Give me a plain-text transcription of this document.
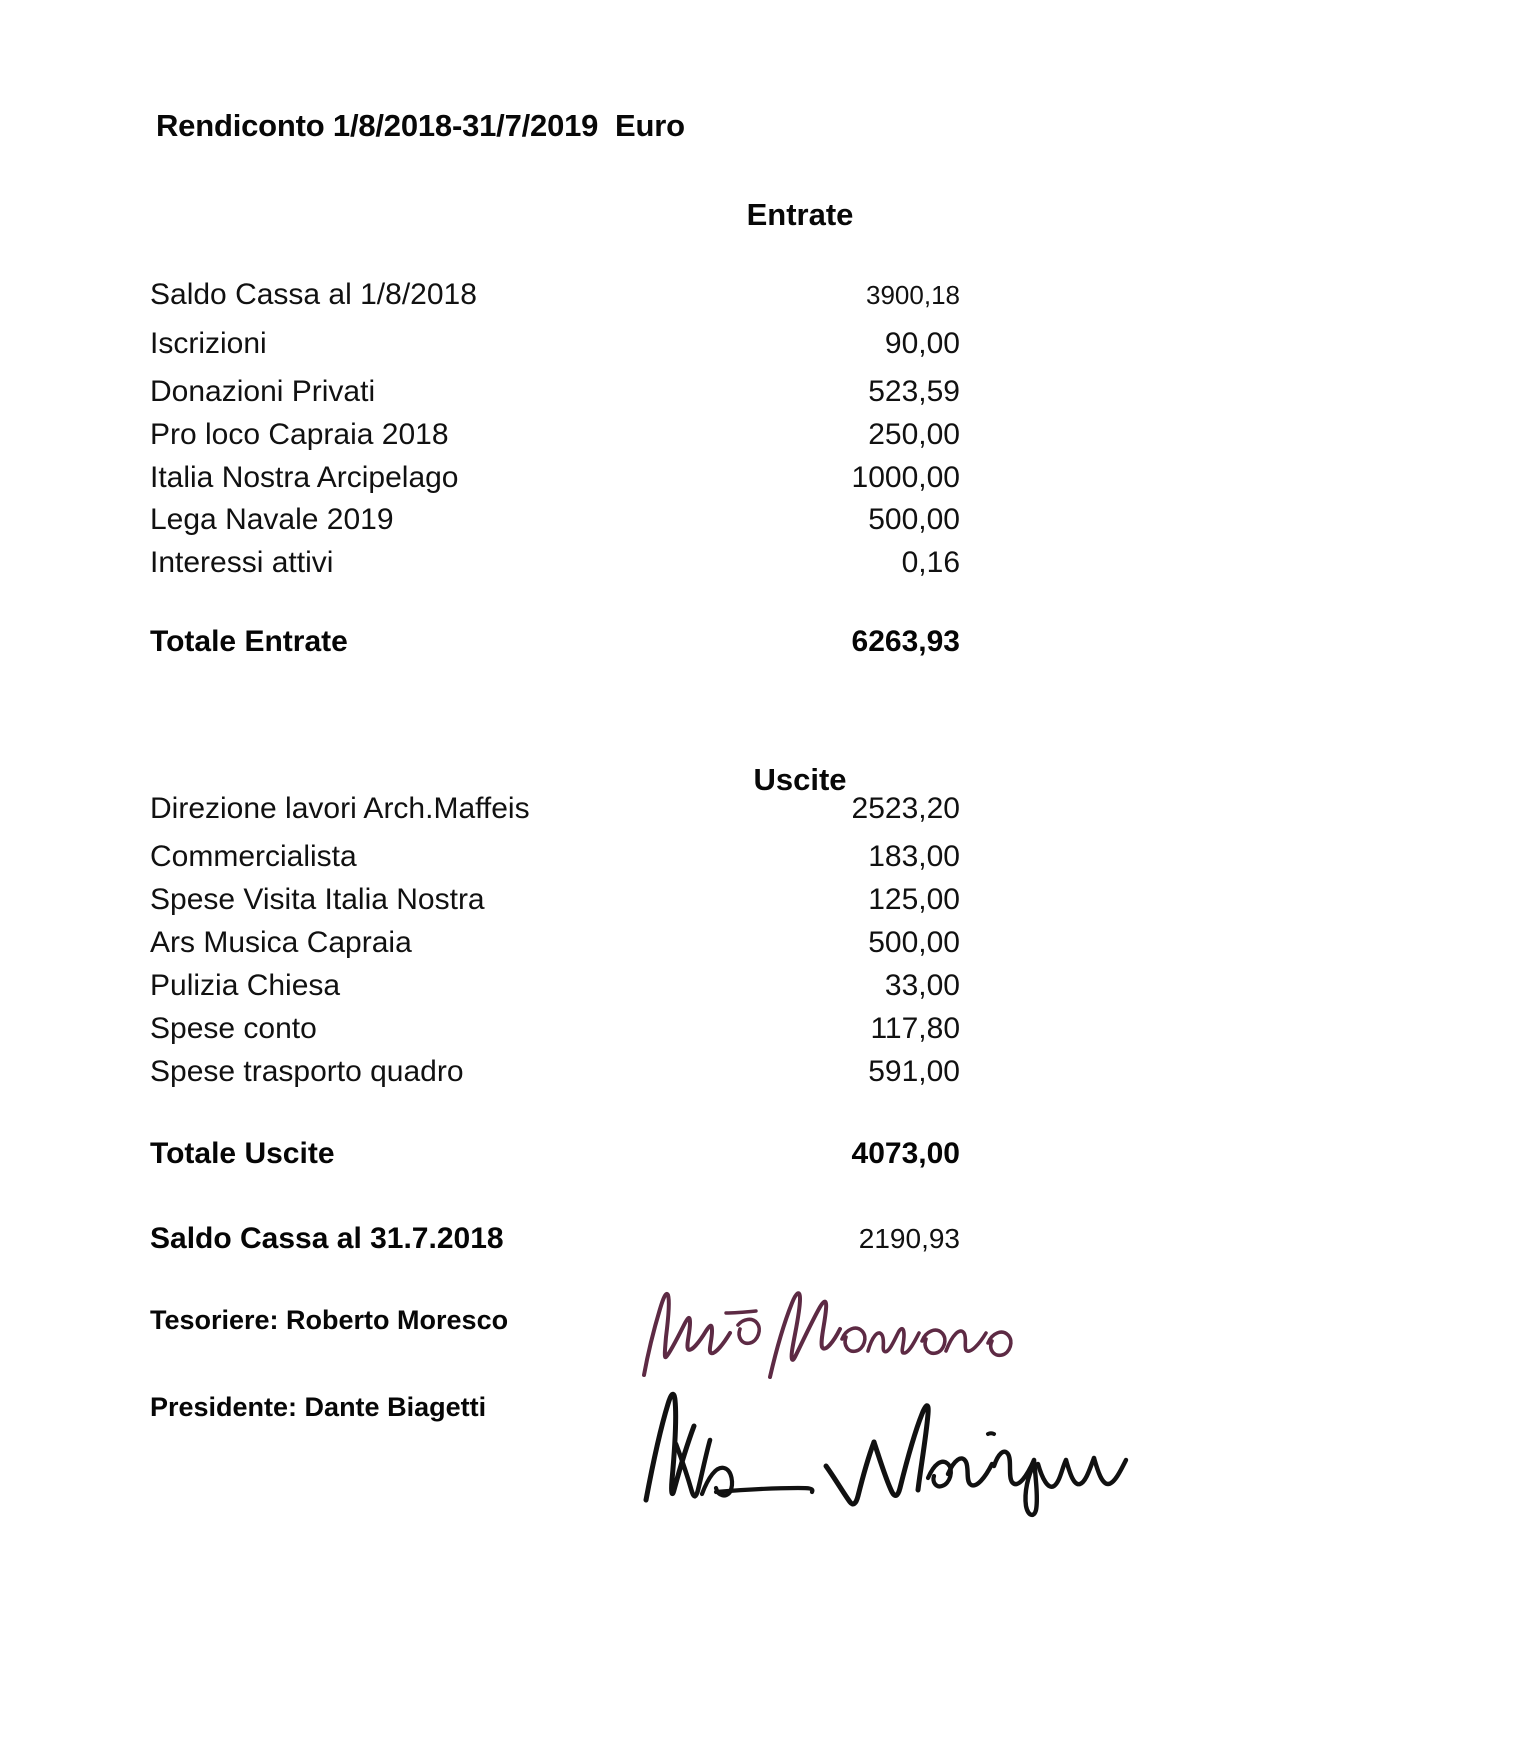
Rendiconto 1/8/2018-31/7/2019  Euro
Entrate
Saldo Cassa al 1/8/2018	3900,18
Iscrizioni	90,00
Donazioni Privati	523,59
Pro loco Capraia 2018	250,00
Italia Nostra Arcipelago	1000,00
Lega Navale 2019	500,00
Interessi attivi	0,16
Totale Entrate	6263,93
Uscite
Direzione lavori Arch.Maffeis	2523,20
Commercialista	183,00
Spese Visita Italia Nostra	125,00
Ars Musica Capraia	500,00
Pulizia Chiesa	33,00
Spese conto	117,80
Spese trasporto quadro	591,00
Totale Uscite	4073,00
Saldo Cassa al 31.7.2018	2190,93
Tesoriere: Roberto Moresco
Presidente: Dante Biagetti
